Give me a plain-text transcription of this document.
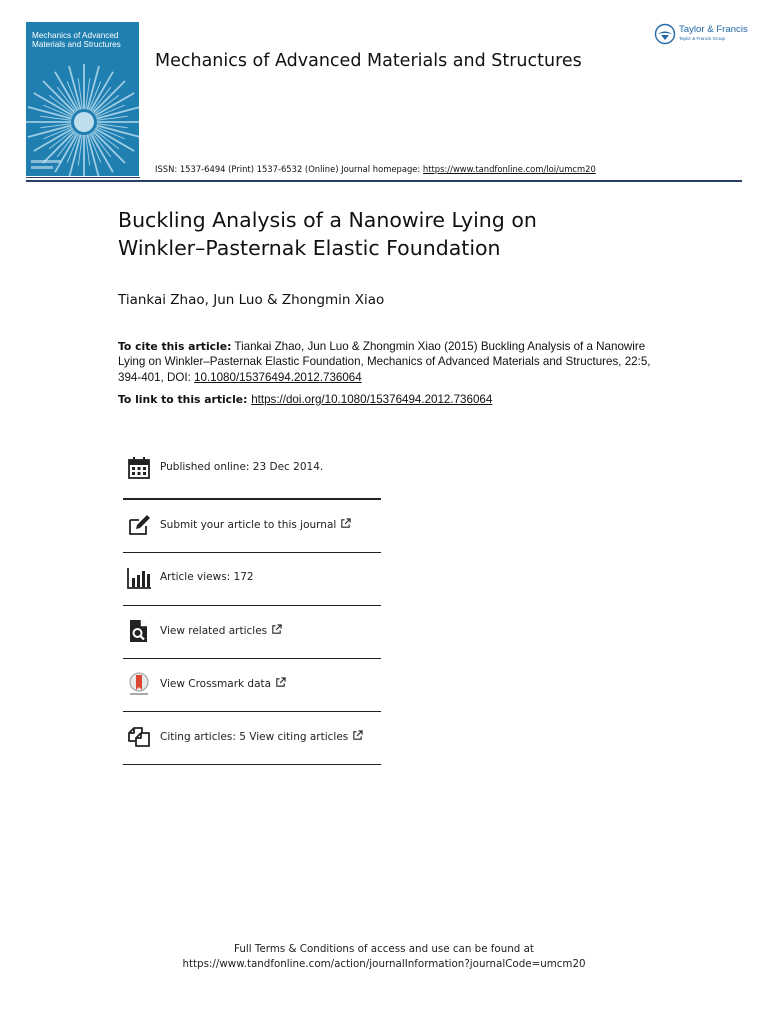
Mechanics of Advanced Materials and Structures
Mechanics of Advanced Materials and Structures
ISSN: 1537-6494 (Print) 1537-6532 (Online) Journal homepage: https://www.tandfonline.com/loi/umcm20
Taylor & Francis
Taylor & Francis Group
Buckling Analysis of a Nanowire Lying on
Winkler–Pasternak Elastic Foundation
Tiankai Zhao, Jun Luo & Zhongmin Xiao
To cite this article: Tiankai Zhao, Jun Luo & Zhongmin Xiao (2015) Buckling Analysis of a Nanowire Lying on Winkler–Pasternak Elastic Foundation, Mechanics of Advanced Materials and Structures, 22:5, 394-401, DOI: 10.1080/15376494.2012.736064
To link to this article: https://doi.org/10.1080/15376494.2012.736064
Published online: 23 Dec 2014.
Submit your article to this journal
Article views: 172
View related articles
View Crossmark data
Citing articles: 5 View citing articles
Full Terms & Conditions of access and use can be found at
https://www.tandfonline.com/action/journalInformation?journalCode=umcm20
